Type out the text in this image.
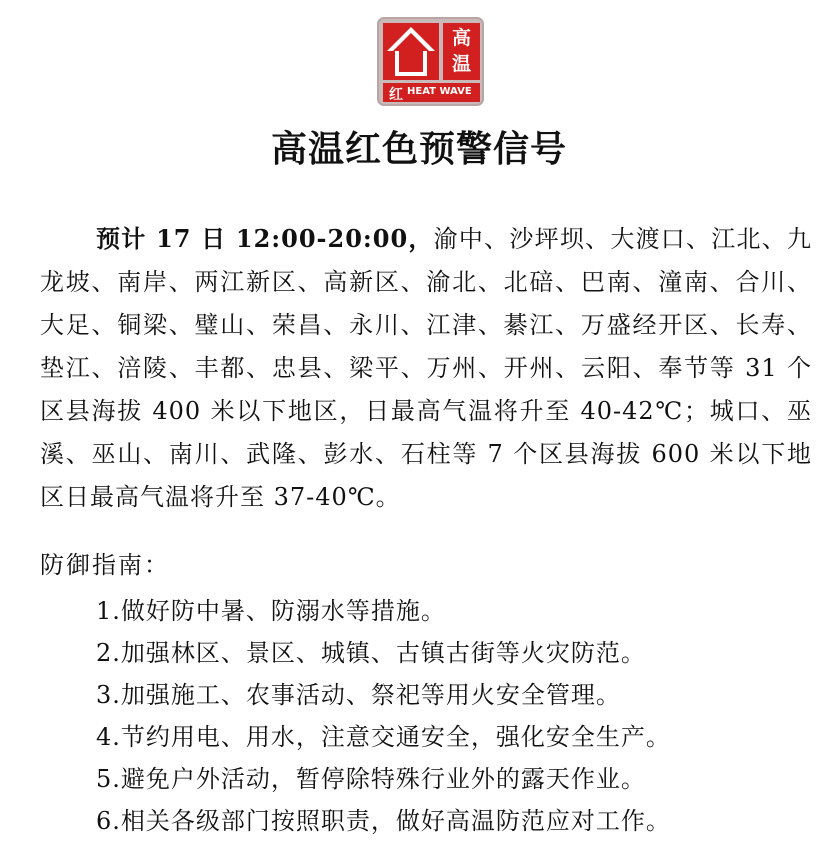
°C
高
温
红 HEAT WAVE
高温红色预警信号

预计 17 日 12:00-20:00，渝中、沙坪坝、大渡口、江北、九龙坡、南岸、两江新区、高新区、渝北、北碚、巴南、潼南、合川、大足、铜梁、璧山、荣昌、永川、江津、綦江、万盛经开区、长寿、垫江、涪陵、丰都、忠县、梁平、万州、开州、云阳、奉节等 31 个区县海拔 400 米以下地区，日最高气温将升至 40-42℃；城口、巫溪、巫山、南川、武隆、彭水、石柱等 7 个区县海拔 600 米以下地区日最高气温将升至 37-40℃。

防御指南：
1.做好防中暑、防溺水等措施。
2.加强林区、景区、城镇、古镇古街等火灾防范。
3.加强施工、农事活动、祭祀等用火安全管理。
4.节约用电、用水，注意交通安全，强化安全生产。
5.避免户外活动，暂停除特殊行业外的露天作业。
6.相关各级部门按照职责，做好高温防范应对工作。
